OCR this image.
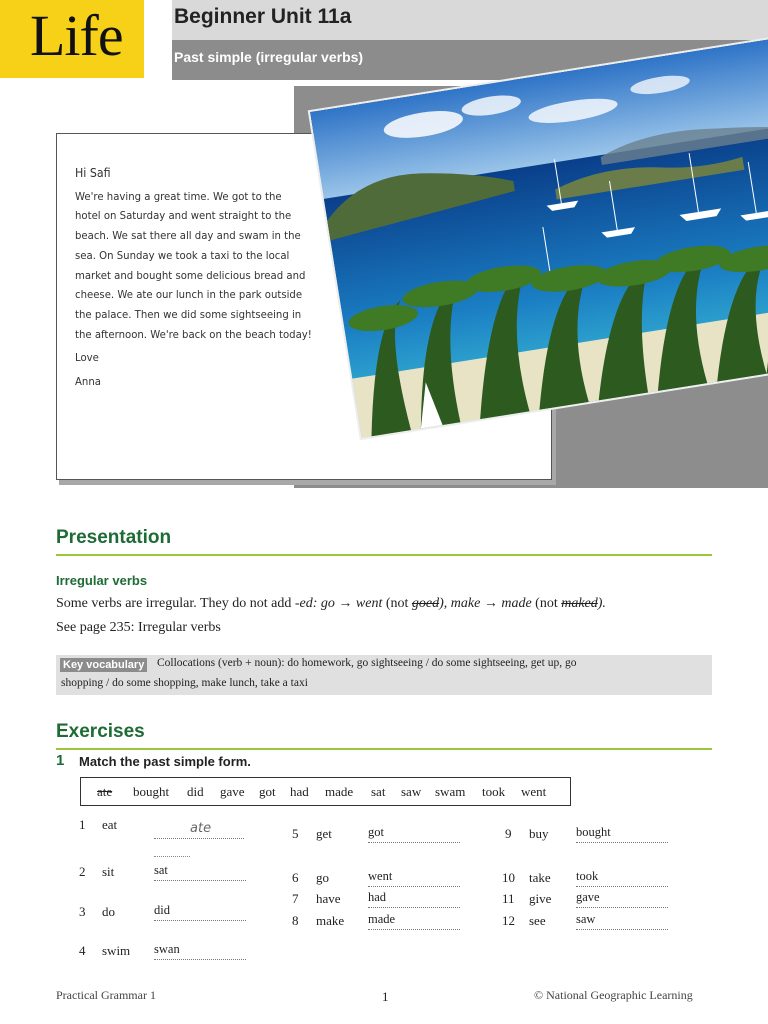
Life Beginner Unit 11a
Past simple (irregular verbs)

Hi Safi

We're having a great time. We got to the
hotel on Saturday and went straight to the
beach. We sat there all day and swam in the
sea. On Sunday we took a taxi to the local
market and bought some delicious bread and
cheese. We ate our lunch in the park outside
the palace. Then we did some sightseeing in
the afternoon. We're back on the beach today!

Love

Anna

Presentation
Irregular verbs
Some verbs are irregular. They do not add -ed: go → went (not goed), make → made (not maked).
See page 235: Irregular verbs
Key vocabulary Collocations (verb + noun): do homework, go sightseeing / do some sightseeing, get up, go
shopping / do some shopping, make lunch, take a taxi
Exercises
1 Match the past simple form.
ate bought did gave got had made sat saw swam took went
1 eat	ate
2 sit	sat
3 do	did
4 swim swan
5 get	got
6 go	went
7 have had
8 make made
9 buy bought
10 take took
11 give gave
12 see saw
Practical Grammar 1	1	© National Geographic Learning
